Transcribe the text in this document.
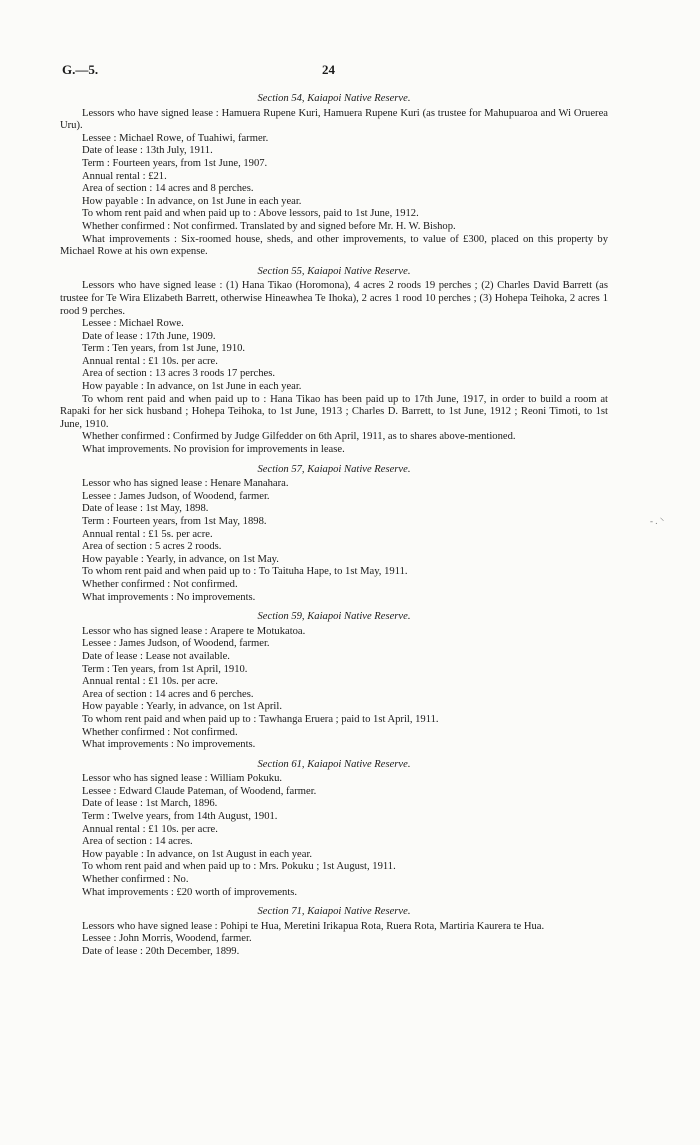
G.—5.	24
- . ⸌
Section 54, Kaiapoi Native Reserve.
Lessors who have signed lease : Hamuera Rupene Kuri, Hamuera Rupene Kuri (as trustee for Mahupuaroa and Wi Oruerea Uru).
Lessee : Michael Rowe, of Tuahiwi, farmer.
Date of lease : 13th July, 1911.
Term : Fourteen years, from 1st June, 1907.
Annual rental : £21.
Area of section : 14 acres and 8 perches.
How payable : In advance, on 1st June in each year.
To whom rent paid and when paid up to : Above lessors, paid to 1st June, 1912.
Whether confirmed : Not confirmed. Translated by and signed before Mr. H. W. Bishop.
What improvements : Six-roomed house, sheds, and other improvements, to value of £300, placed on this property by Michael Rowe at his own expense.
Section 55, Kaiapoi Native Reserve.
Lessors who have signed lease : (1) Hana Tikao (Horomona), 4 acres 2 roods 19 perches ; (2) Charles David Barrett (as trustee for Te Wira Elizabeth Barrett, otherwise Hineawhea Te Ihoka), 2 acres 1 rood 10 perches ; (3) Hohepa Teihoka, 2 acres 1 rood 9 perches.
Lessee : Michael Rowe.
Date of lease : 17th June, 1909.
Term : Ten years, from 1st June, 1910.
Annual rental : £1 10s. per acre.
Area of section : 13 acres 3 roods 17 perches.
How payable : In advance, on 1st June in each year.
To whom rent paid and when paid up to : Hana Tikao has been paid up to 17th June, 1917, in order to build a room at Rapaki for her sick husband ; Hohepa Teihoka, to 1st June, 1913 ; Charles D. Barrett, to 1st June, 1912 ; Reoni Timoti, to 1st June, 1910.
Whether confirmed : Confirmed by Judge Gilfedder on 6th April, 1911, as to shares above-mentioned.
What improvements. No provision for improvements in lease.
Section 57, Kaiapoi Native Reserve.
Lessor who has signed lease : Henare Manahara.
Lessee : James Judson, of Woodend, farmer.
Date of lease : 1st May, 1898.
Term : Fourteen years, from 1st May, 1898.
Annual rental : £1 5s. per acre.
Area of section : 5 acres 2 roods.
How payable : Yearly, in advance, on 1st May.
To whom rent paid and when paid up to : To Taituha Hape, to 1st May, 1911.
Whether confirmed : Not confirmed.
What improvements : No improvements.
Section 59, Kaiapoi Native Reserve.
Lessor who has signed lease : Arapere te Motukatoa.
Lessee : James Judson, of Woodend, farmer.
Date of lease : Lease not available.
Term : Ten years, from 1st April, 1910.
Annual rental : £1 10s. per acre.
Area of section : 14 acres and 6 perches.
How payable : Yearly, in advance, on 1st April.
To whom rent paid and when paid up to : Tawhanga Eruera ; paid to 1st April, 1911.
Whether confirmed : Not confirmed.
What improvements : No improvements.
Section 61, Kaiapoi Native Reserve.
Lessor who has signed lease : William Pokuku.
Lessee : Edward Claude Pateman, of Woodend, farmer.
Date of lease : 1st March, 1896.
Term : Twelve years, from 14th August, 1901.
Annual rental : £1 10s. per acre.
Area of section : 14 acres.
How payable : In advance, on 1st August in each year.
To whom rent paid and when paid up to : Mrs. Pokuku ; 1st August, 1911.
Whether confirmed : No.
What improvements : £20 worth of improvements.
Section 71, Kaiapoi Native Reserve.
Lessors who have signed lease : Pohipi te Hua, Meretini Irikapua Rota, Ruera Rota, Martiria Kaurera te Hua.
Lessee : John Morris, Woodend, farmer.
Date of lease : 20th December, 1899.
